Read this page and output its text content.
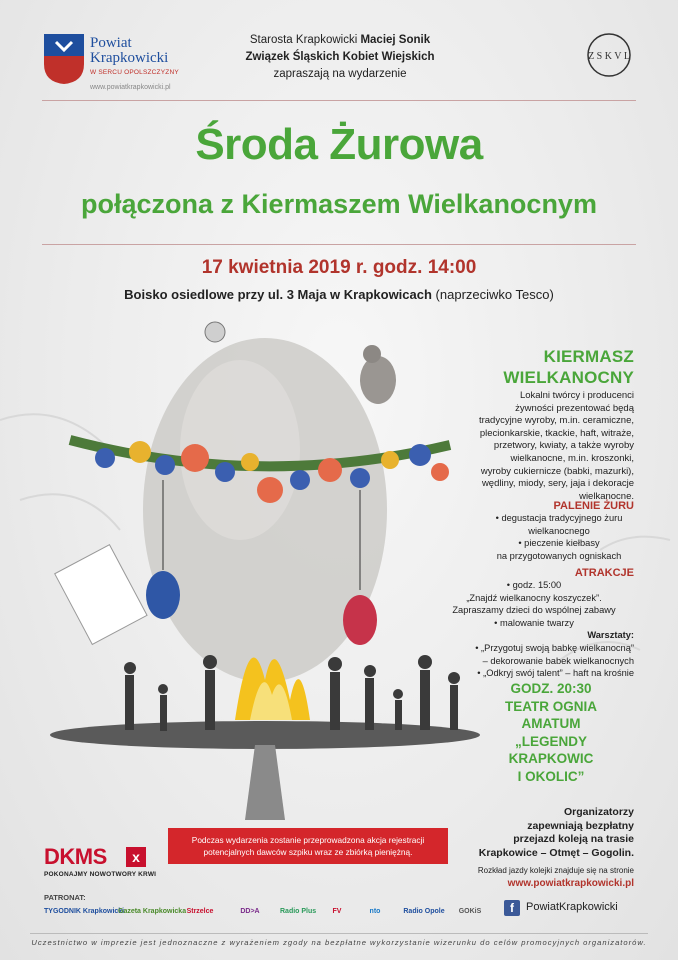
Powiat
Krapkowicki
W SERCU OPOLSZCZYZNY
www.powiatkrapkowicki.pl
Starosta Krapkowicki Maciej Sonik
Związek Śląskich Kobiet Wiejskich
zapraszają na wydarzenie
Z S K V L
Środa Żurowa
połączona z Kiermaszem Wielkanocnym
17 kwietnia 2019 r. godz. 14:00
Boisko osiedlowe przy ul. 3 Maja w Krapkowicach (naprzeciwko Tesco)
KIERMASZ
WIELKANOCNY
Lokalni twórcy i producenci
żywności prezentować będą
tradycyjne wyroby, m.in. ceramiczne,
plecionkarskie, tkackie, haft, witraże,
przetwory, kwiaty, a także wyroby
wielkanocne, m.in. kroszonki,
wyroby cukiernicze (babki, mazurki),
wędliny, miody, sery, jaja i dekoracje
wielkanocne.
PALENIE ŻURU
• degustacja tradycyjnego żuru
wielkanocnego
• pieczenie kiełbasy
na przygotowanych ogniskach
ATRAKCJE
• godz. 15:00
„Znajdź wielkanocny koszyczek”.
Zapraszamy dzieci do wspólnej zabawy
• malowanie twarzy
Warsztaty:
• „Przygotuj swoją babkę wielkanocną”
– dekorowanie babek wielkanocnych
• „Odkryj swój talent” – haft na krośnie
GODZ. 20:30
TEATR OGNIA
AMATUM
„LEGENDY
KRAPKOWIC
I OKOLIC”
Organizatorzy
zapewniają bezpłatny
przejazd koleją na trasie
Krapkowice – Otmęt – Gogolin.
Rozkład jazdy kolejki znajduje się na stronie
www.powiatkrapkowicki.pl
DKMS	x
POKONAJMY NOWOTWORY KRWI
Podczas wydarzenia zostanie przeprowadzona akcja rejestracji
potencjalnych dawców szpiku wraz ze zbiórką pieniężną.
PATRONAT:
TYGODNIK Krapkowicki
Gazeta Krapkowicka Strzelce	DD>A	Radio Plus	FV	nto	Radio Opole	GOKiS	f	PowiatKrapkowicki
Uczestnictwo w imprezie jest jednoznaczne z wyrażeniem zgody na bezpłatne wykorzystanie wizerunku do celów promocyjnych organizatorów.
